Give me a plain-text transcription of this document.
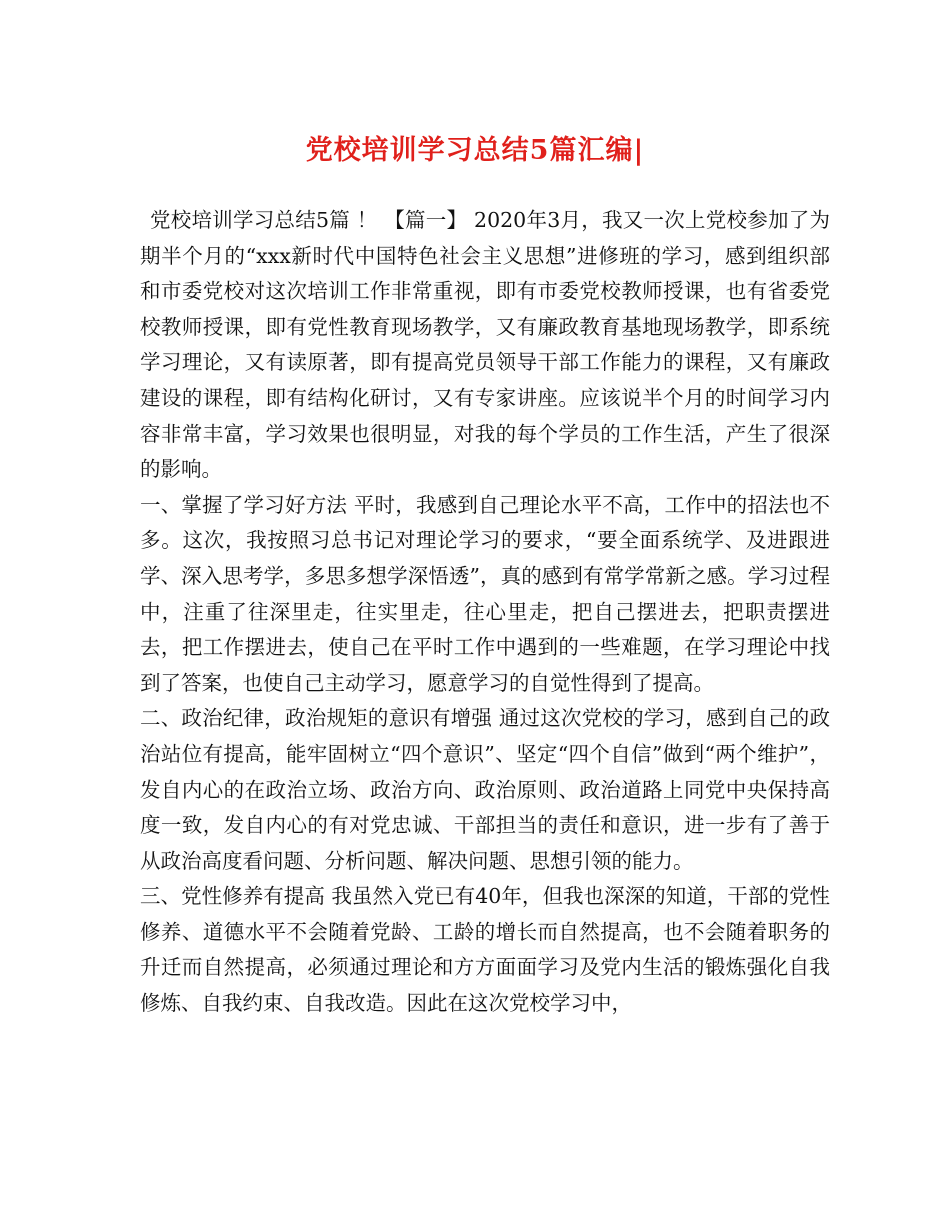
党校培训学习总结5篇汇编|

党校培训学习总结5篇 ！ 【篇一】 2020年3月，我又一次上党校参加了为期半个月的“xxx新时代中国特色社会主义思想”进修班的学习，感到组织部和市委党校对这次培训工作非常重视，即有市委党校教师授课，也有省委党校教师授课，即有党性教育现场教学，又有廉政教育基地现场教学，即系统学习理论，又有读原著，即有提高党员领导干部工作能力的课程，又有廉政建设的课程，即有结构化研讨，又有专家讲座。应该说半个月的时间学习内容非常丰富，学习效果也很明显，对我的每个学员的工作生活，产生了很深的影响。

一、掌握了学习好方法 平时，我感到自己理论水平不高，工作中的招法也不多。这次，我按照习总书记对理论学习的要求，“要全面系统学、及进跟进学、深入思考学，多思多想学深悟透”，真的感到有常学常新之感。学习过程中，注重了往深里走，往实里走，往心里走，把自己摆进去，把职责摆进去，把工作摆进去，使自己在平时工作中遇到的一些难题，在学习理论中找到了答案，也使自己主动学习，愿意学习的自觉性得到了提高。

二、政治纪律，政治规矩的意识有增强 通过这次党校的学习，感到自己的政治站位有提高，能牢固树立“四个意识”、坚定“四个自信”做到“两个维护”，发自内心的在政治立场、政治方向、政治原则、政治道路上同党中央保持高度一致，发自内心的有对党忠诚、干部担当的责任和意识，进一步有了善于从政治高度看问题、分析问题、解决问题、思想引领的能力。

三、党性修养有提高 我虽然入党已有40年，但我也深深的知道，干部的党性修养、道德水平不会随着党龄、工龄的增长而自然提高，也不会随着职务的升迁而自然提高，必须通过理论和方方面面学习及党内生活的锻炼强化自我修炼、自我约束、自我改造。因此在这次党校学习中，
